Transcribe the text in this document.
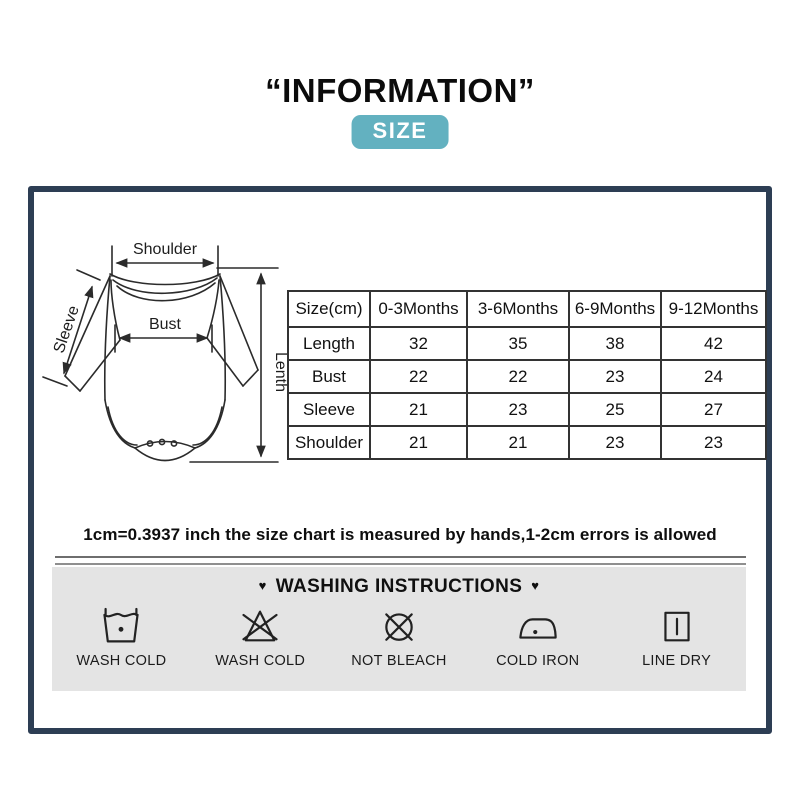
“INFORMATION”
SIZE
Shoulder
Bust
Sleeve
Lenth
Size(cm)	0-3Months	3-6Months	6-9Months	9-12Months
Length	32	35	38	42
Bust	22	22	23	24
Sleeve	21	23	25	27
Shoulder	21	21	23	23
1cm=0.3937 inch the size chart is measured by hands,1-2cm errors is allowed
♥ WASHING INSTRUCTIONS ♥
WASH COLD	WASH COLD	NOT BLEACH	COLD IRON	LINE DRY
